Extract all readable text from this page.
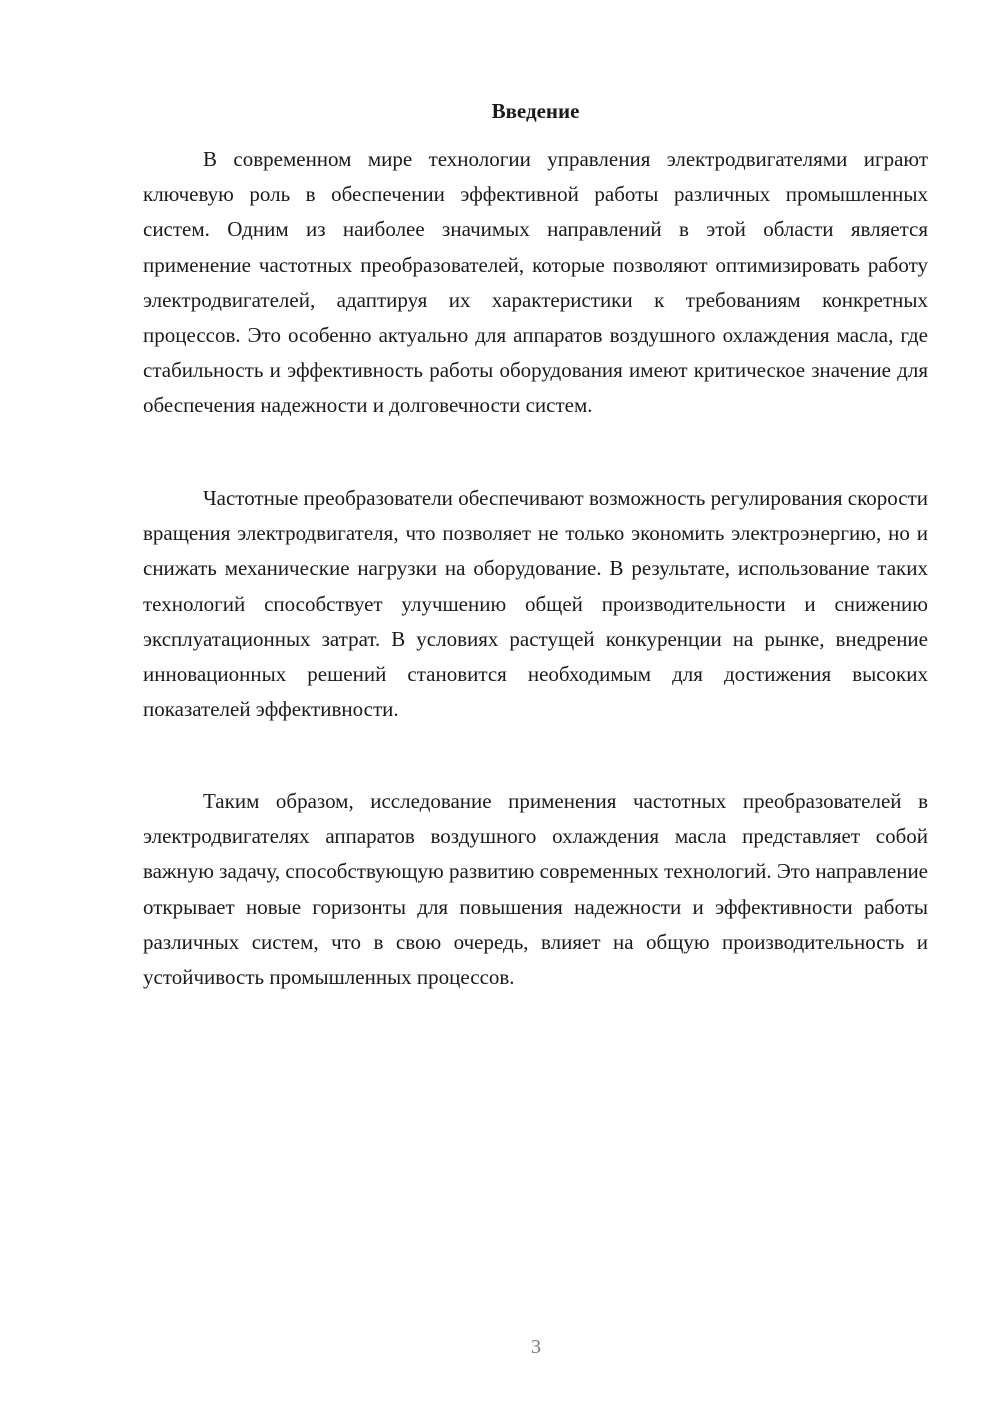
Введение

В современном мире технологии управления электродвигателями играют ключевую роль в обеспечении эффективной работы различных промышленных систем. Одним из наиболее значимых направлений в этой области является применение частотных преобразователей, которые позволяют оптимизировать работу электродвигателей, адаптируя их характеристики к требованиям конкретных процессов. Это особенно актуально для аппаратов воздушного охлаждения масла, где стабильность и эффективность работы оборудования имеют критическое значение для обеспечения надежности и долговечности систем.

Частотные преобразователи обеспечивают возможность регулирования скорости вращения электродвигателя, что позволяет не только экономить электроэнергию, но и снижать механические нагрузки на оборудование. В результате, использование таких технологий способствует улучшению общей производительности и снижению эксплуатационных затрат. В условиях растущей конкуренции на рынке, внедрение инновационных решений становится необходимым для достижения высоких показателей эффективности.

Таким образом, исследование применения частотных преобразователей в электродвигателях аппаратов воздушного охлаждения масла представляет собой важную задачу, способствующую развитию современных технологий. Это направление открывает новые горизонты для повышения надежности и эффективности работы различных систем, что в свою очередь, влияет на общую производительность и устойчивость промышленных процессов.

3
